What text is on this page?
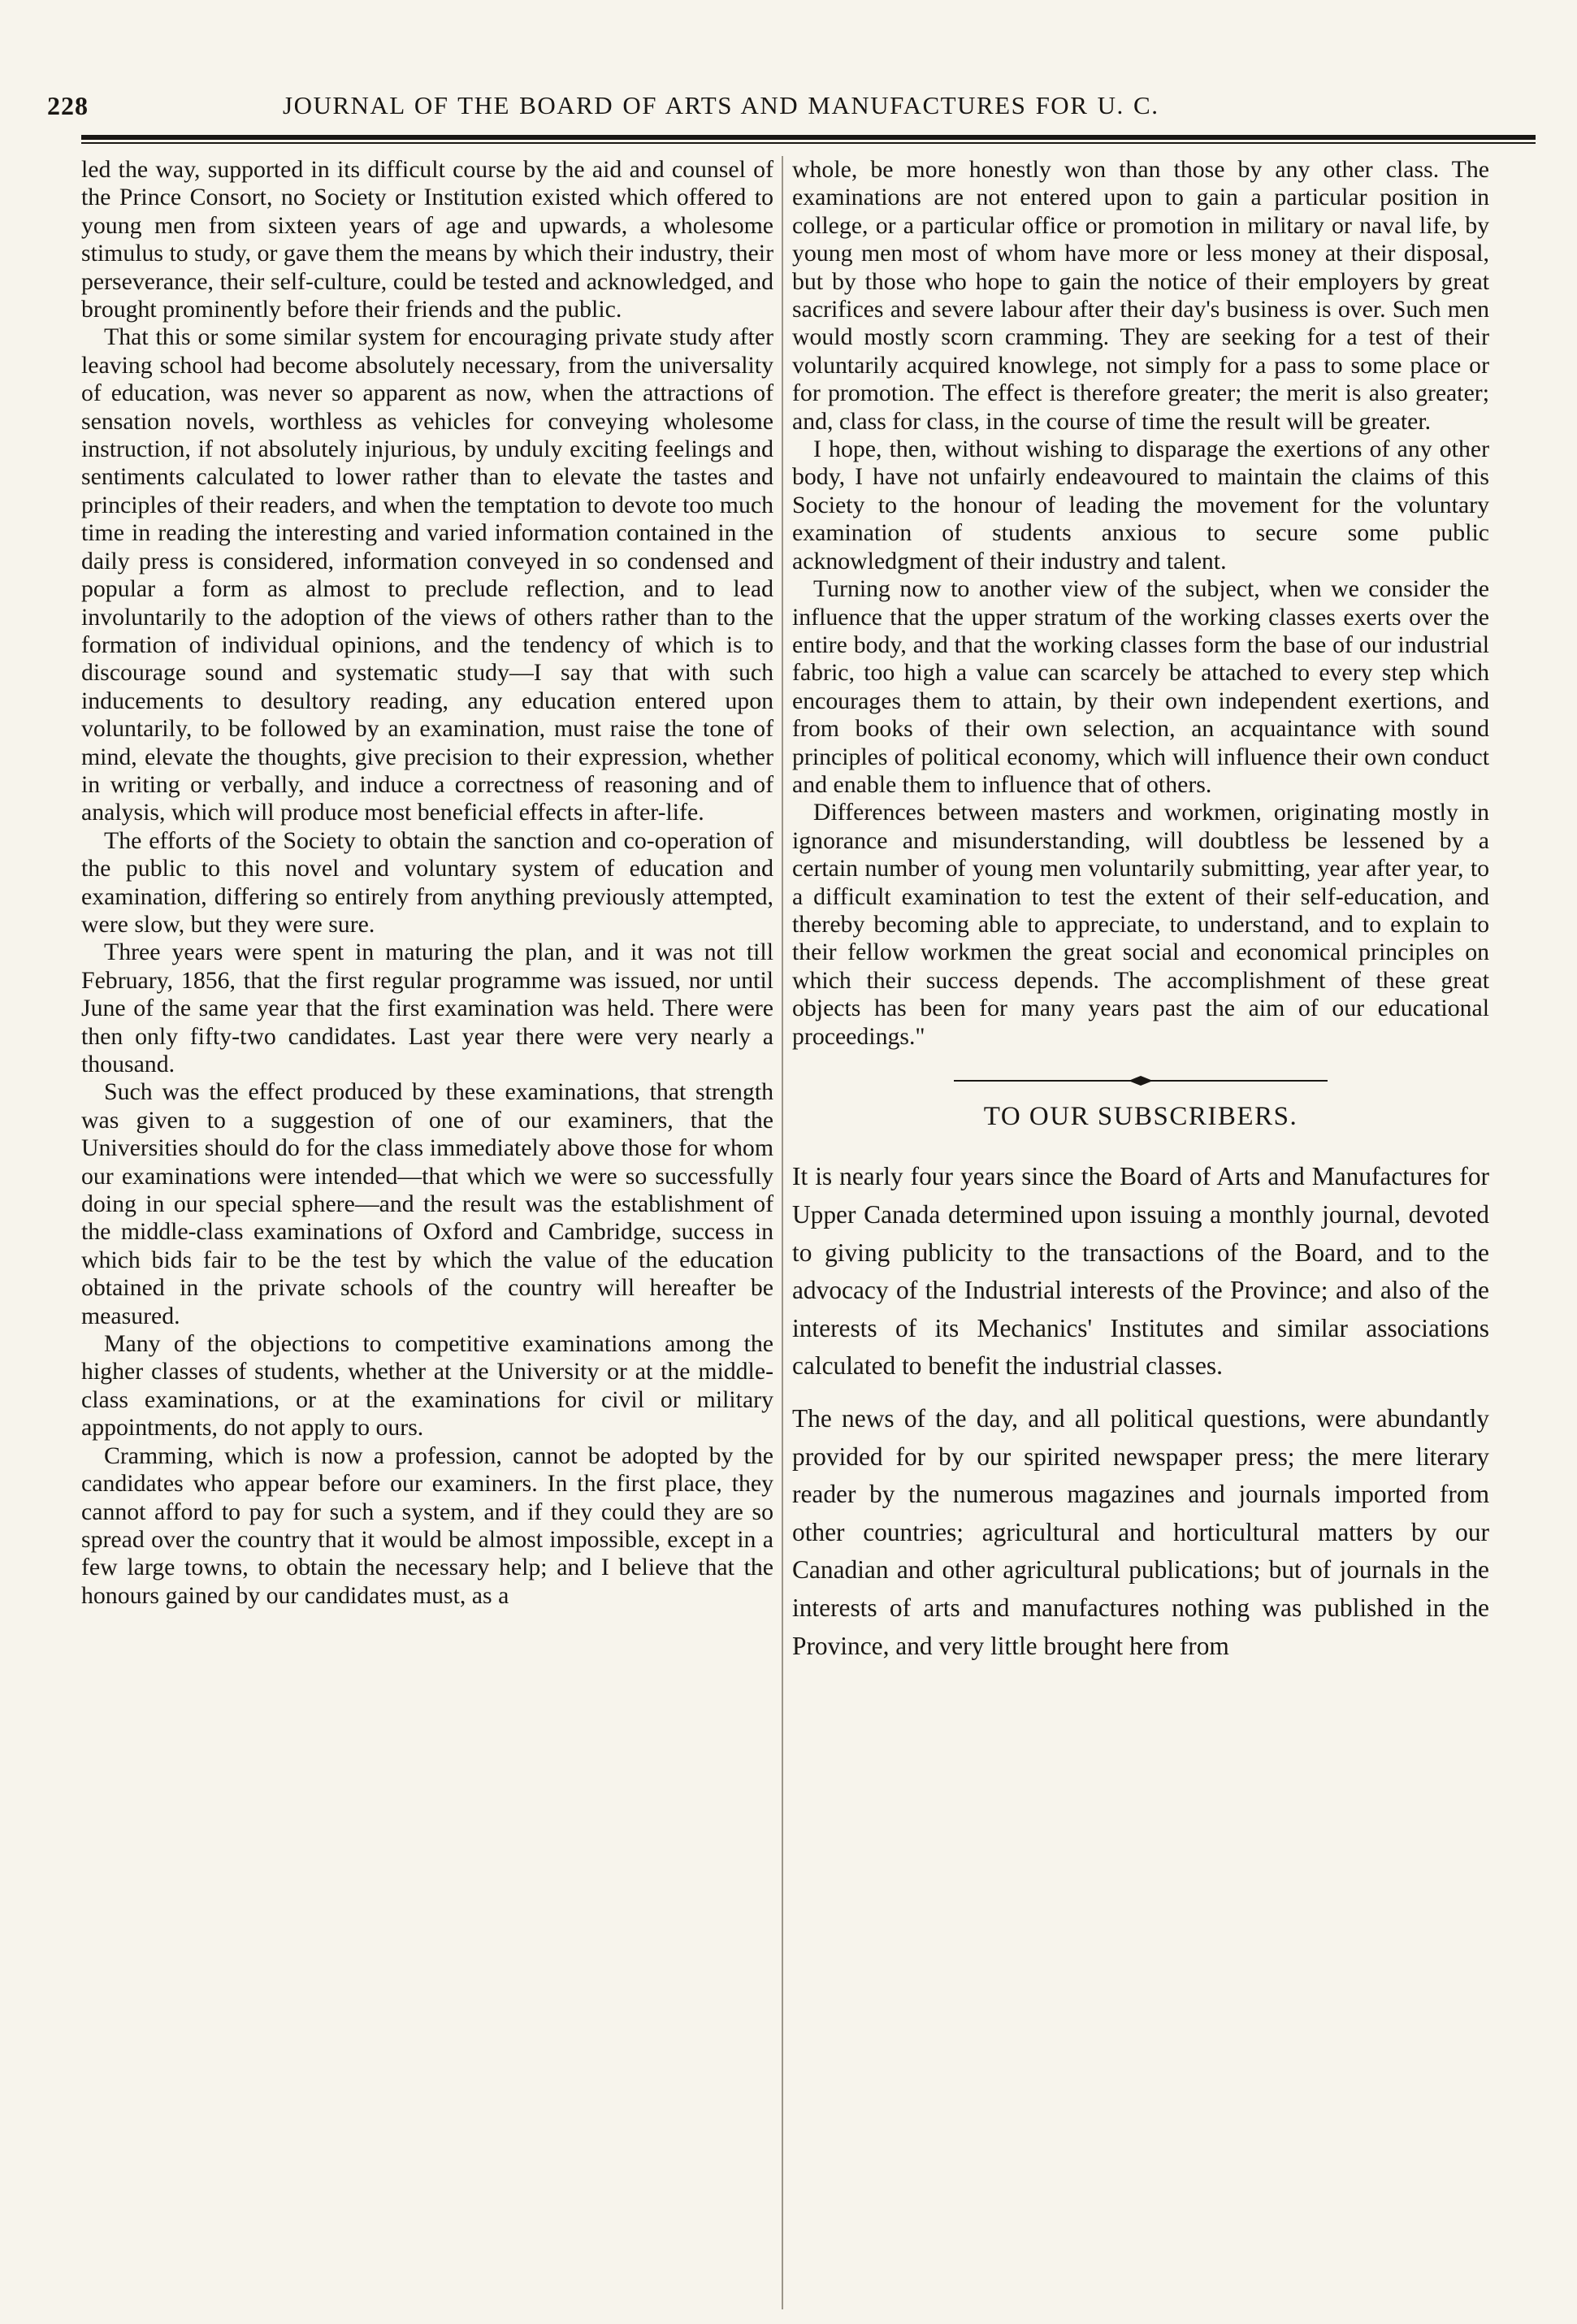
228	JOURNAL OF THE BOARD OF ARTS AND MANUFACTURES FOR U. C.

led the way, supported in its difficult course by the aid and counsel of the Prince Consort, no Society or Institution existed which offered to young men from sixteen years of age and upwards, a wholesome stimulus to study, or gave them the means by which their industry, their perseverance, their self-culture, could be tested and acknowledged, and brought prominently before their friends and the public.

That this or some similar system for encouraging private study after leaving school had become absolutely necessary, from the universality of education, was never so apparent as now, when the attractions of sensation novels, worthless as vehicles for conveying wholesome instruction, if not absolutely injurious, by unduly exciting feelings and sentiments calculated to lower rather than to elevate the tastes and principles of their readers, and when the temptation to devote too much time in reading the interesting and varied information contained in the daily press is considered, information conveyed in so condensed and popular a form as almost to preclude reflection, and to lead involuntarily to the adoption of the views of others rather than to the formation of individual opinions, and the tendency of which is to discourage sound and systematic study—I say that with such inducements to desultory reading, any education entered upon voluntarily, to be followed by an examination, must raise the tone of mind, elevate the thoughts, give precision to their expression, whether in writing or verbally, and induce a correctness of reasoning and of analysis, which will produce most beneficial effects in after-life.

The efforts of the Society to obtain the sanction and co-operation of the public to this novel and voluntary system of education and examination, differing so entirely from anything previously attempted, were slow, but they were sure.

Three years were spent in maturing the plan, and it was not till February, 1856, that the first regular programme was issued, nor until June of the same year that the first examination was held. There were then only fifty-two candidates. Last year there were very nearly a thousand.

Such was the effect produced by these examinations, that strength was given to a suggestion of one of our examiners, that the Universities should do for the class immediately above those for whom our examinations were intended—that which we were so successfully doing in our special sphere—and the result was the establishment of the middle-class examinations of Oxford and Cambridge, success in which bids fair to be the test by which the value of the education obtained in the private schools of the country will hereafter be measured.

Many of the objections to competitive examinations among the higher classes of students, whether at the University or at the middle-class examinations, or at the examinations for civil or military appointments, do not apply to ours.

Cramming, which is now a profession, cannot be adopted by the candidates who appear before our examiners. In the first place, they cannot afford to pay for such a system, and if they could they are so spread over the country that it would be almost impossible, except in a few large towns, to obtain the necessary help; and I believe that the honours gained by our candidates must, as a

whole, be more honestly won than those by any other class. The examinations are not entered upon to gain a particular position in college, or a particular office or promotion in military or naval life, by young men most of whom have more or less money at their disposal, but by those who hope to gain the notice of their employers by great sacrifices and severe labour after their day's business is over. Such men would mostly scorn cramming. They are seeking for a test of their voluntarily acquired knowlege, not simply for a pass to some place or for promotion. The effect is therefore greater; the merit is also greater; and, class for class, in the course of time the result will be greater.

I hope, then, without wishing to disparage the exertions of any other body, I have not unfairly endeavoured to maintain the claims of this Society to the honour of leading the movement for the voluntary examination of students anxious to secure some public acknowledgment of their industry and talent.

Turning now to another view of the subject, when we consider the influence that the upper stratum of the working classes exerts over the entire body, and that the working classes form the base of our industrial fabric, too high a value can scarcely be attached to every step which encourages them to attain, by their own independent exertions, and from books of their own selection, an acquaintance with sound principles of political economy, which will influence their own conduct and enable them to influence that of others.

Differences between masters and workmen, originating mostly in ignorance and misunderstanding, will doubtless be lessened by a certain number of young men voluntarily submitting, year after year, to a difficult examination to test the extent of their self-education, and thereby becoming able to appreciate, to understand, and to explain to their fellow workmen the great social and economical principles on which their success depends. The accomplishment of these great objects has been for many years past the aim of our educational proceedings."

TO OUR SUBSCRIBERS.

It is nearly four years since the Board of Arts and Manufactures for Upper Canada determined upon issuing a monthly journal, devoted to giving publicity to the transactions of the Board, and to the advocacy of the Industrial interests of the Province; and also of the interests of its Mechanics' Institutes and similar associations calculated to benefit the industrial classes.

The news of the day, and all political questions, were abundantly provided for by our spirited newspaper press; the mere literary reader by the numerous magazines and journals imported from other countries; agricultural and horticultural matters by our Canadian and other agricultural publications; but of journals in the interests of arts and manufactures nothing was published in the Province, and very little brought here from
